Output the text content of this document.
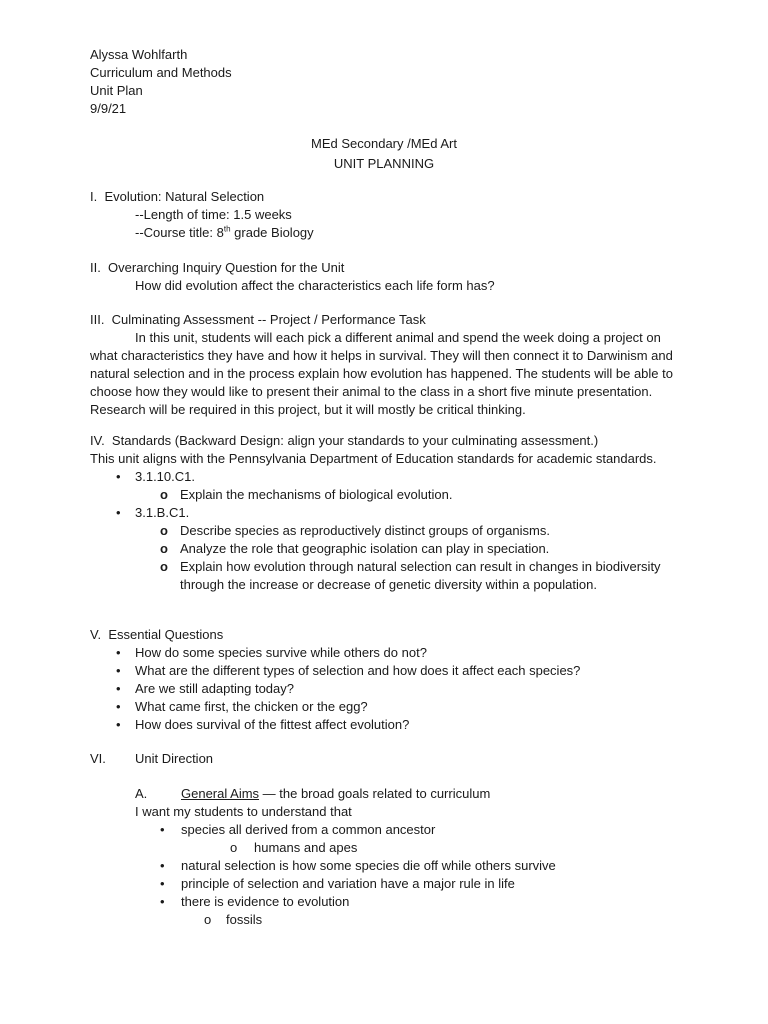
Alyssa Wohlfarth
Curriculum and Methods
Unit Plan
9/9/21
MEd Secondary /MEd Art
UNIT PLANNING
I.  Evolution: Natural Selection
--Length of time: 1.5 weeks
--Course title: 8th grade Biology
II.  Overarching Inquiry Question for the Unit
How did evolution affect the characteristics each life form has?
III.  Culminating Assessment -- Project / Performance Task
In this unit, students will each pick a different animal and spend the week doing a project on
what characteristics they have and how it helps in survival. They will then connect it to Darwinism and
natural selection and in the process explain how evolution has happened. The students will be able to
choose how they would like to present their animal to the class in a short five minute presentation.
Research will be required in this project, but it will mostly be critical thinking.
IV.  Standards (Backward Design: align your standards to your culminating assessment.)
This unit aligns with the Pennsylvania Department of Education standards for academic standards.
• 3.1.10.C1.
o Explain the mechanisms of biological evolution.
• 3.1.B.C1.
o Describe species as reproductively distinct groups of organisms.
o Analyze the role that geographic isolation can play in speciation.
o Explain how evolution through natural selection can result in changes in biodiversity
through the increase or decrease of genetic diversity within a population.
V.  Essential Questions
• How do some species survive while others do not?
• What are the different types of selection and how does it affect each species?
• Are we still adapting today?
• What came first, the chicken or the egg?
• How does survival of the fittest affect evolution?
VI. Unit Direction
A.	General Aims — the broad goals related to curriculum
I want my students to understand that
• species all derived from a common ancestor
o humans and apes
• natural selection is how some species die off while others survive
• principle of selection and variation have a major rule in life
• there is evidence to evolution
o fossils
